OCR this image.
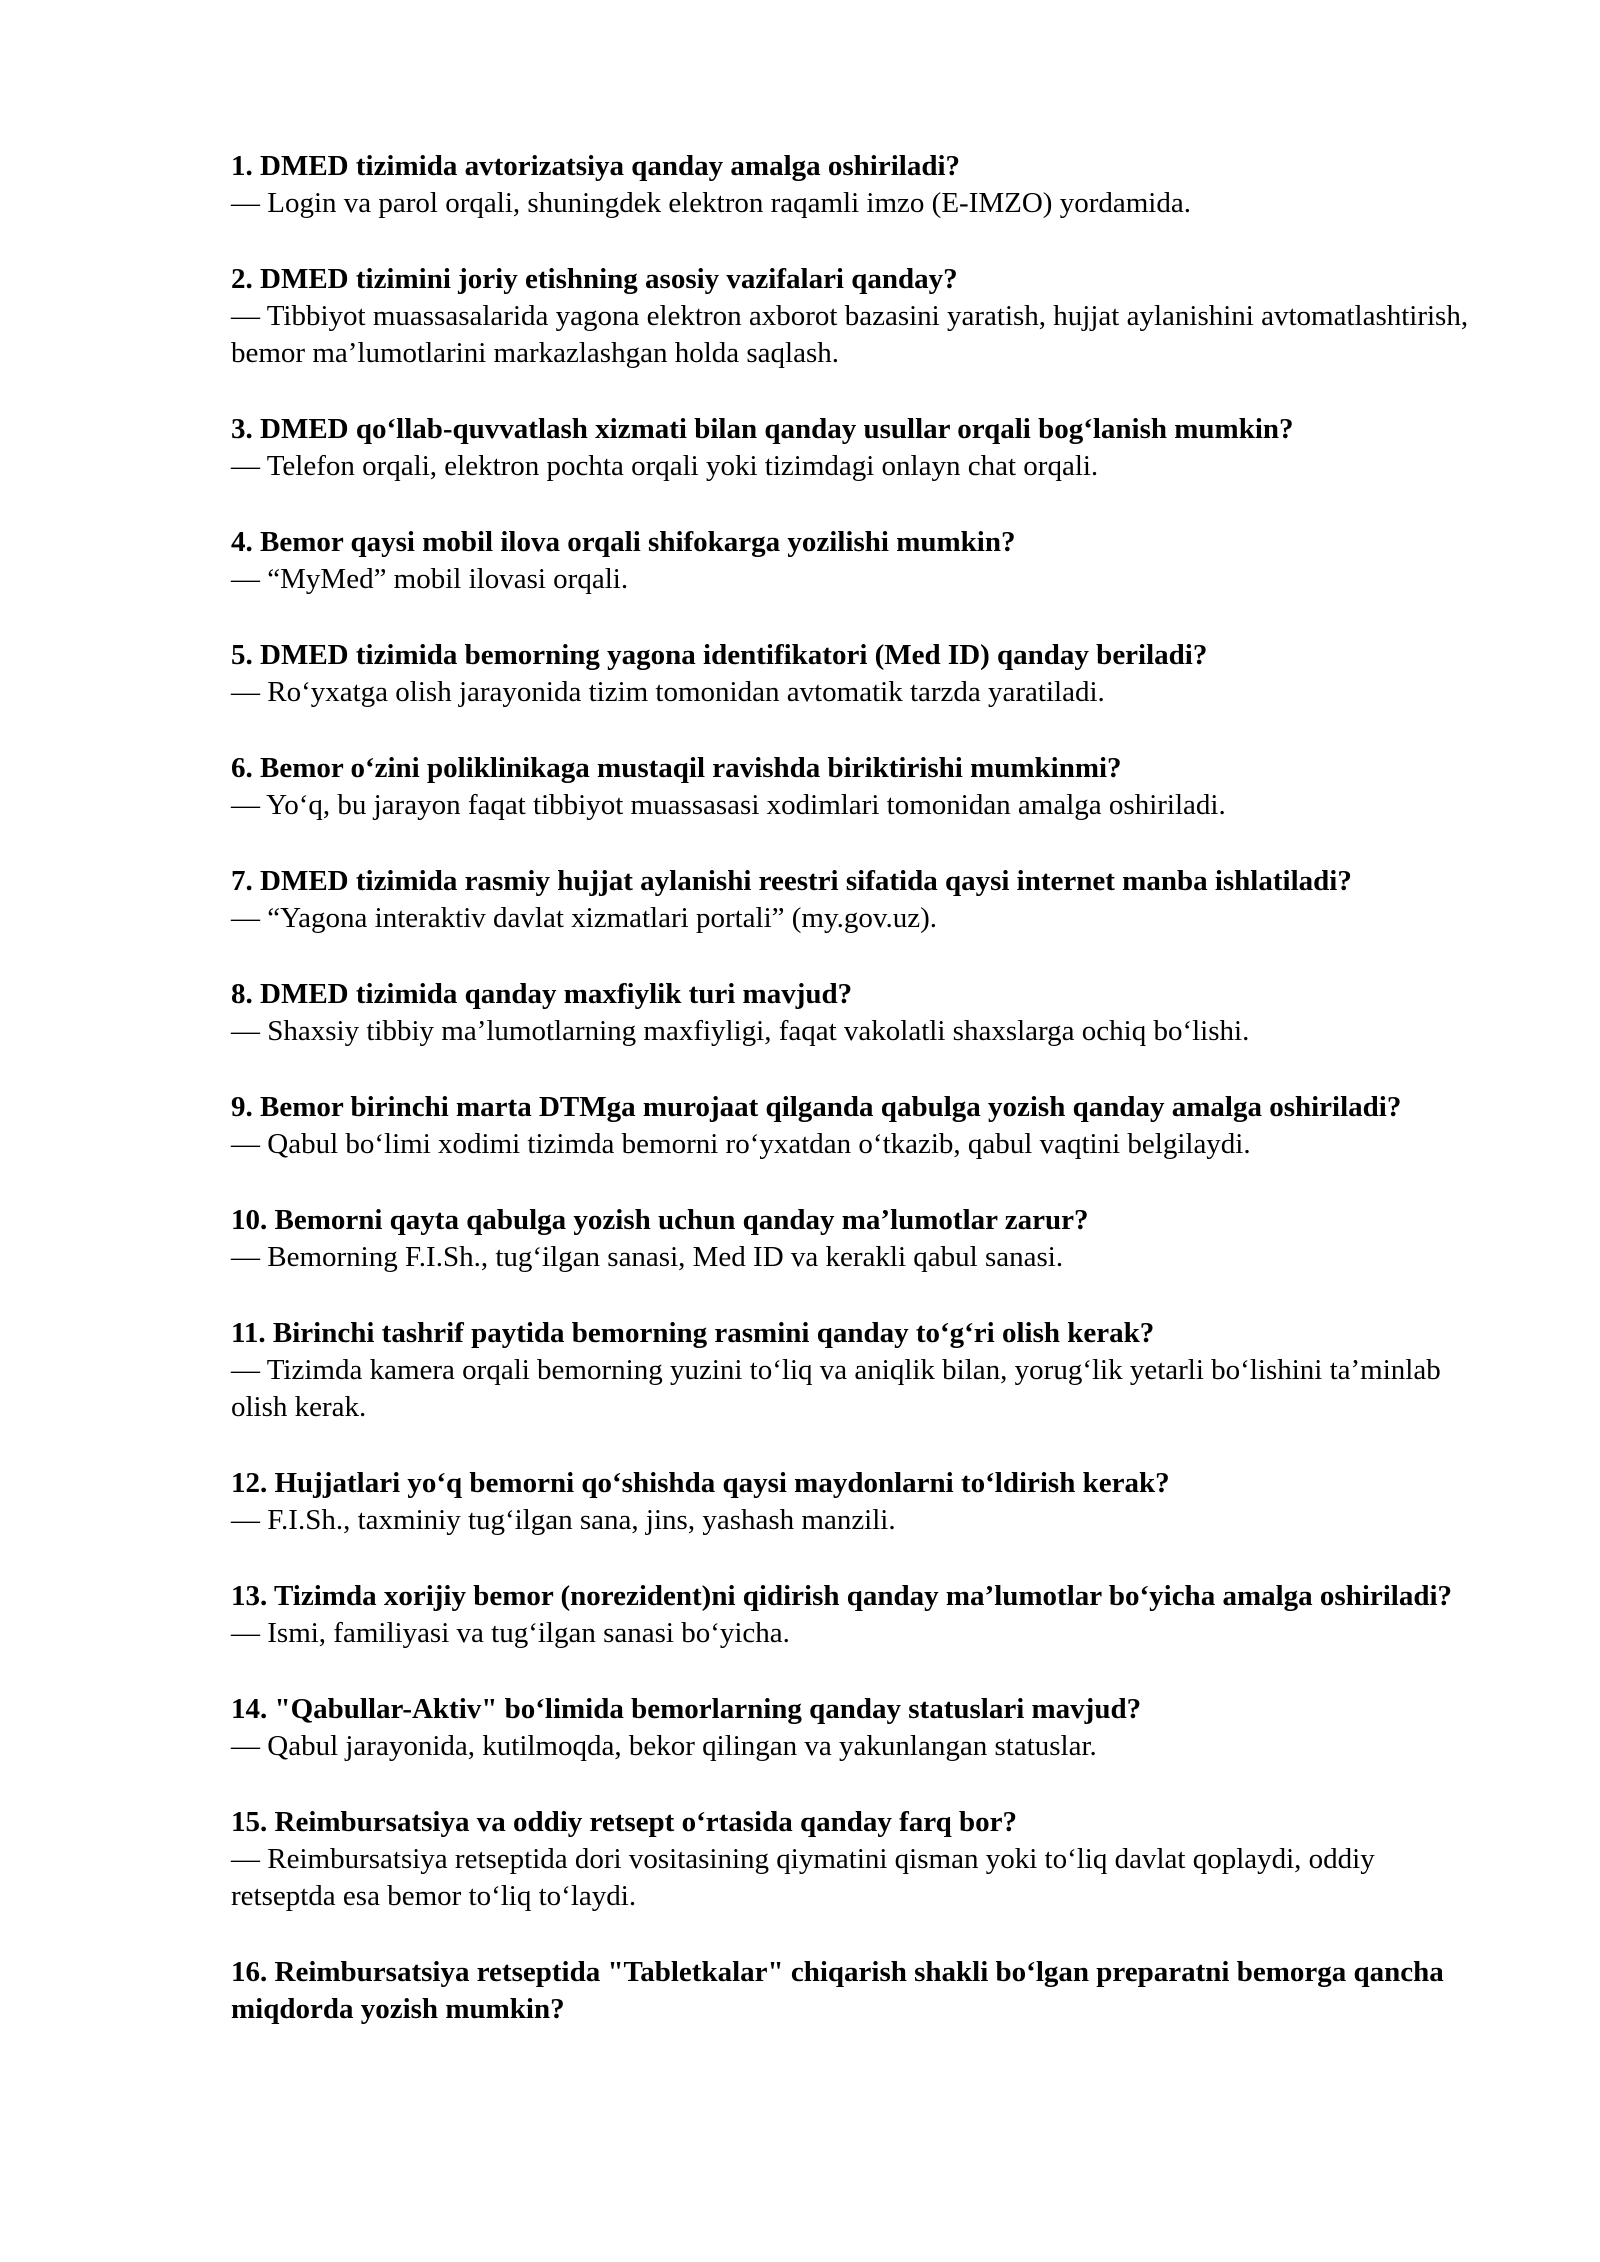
1. DMED tizimida avtorizatsiya qanday amalga oshiriladi?

— Login va parol orqali, shuningdek elektron raqamli imzo (E-IMZO) yordamida.

2. DMED tizimini joriy etishning asosiy vazifalari qanday?

— Tibbiyot muassasalarida yagona elektron axborot bazasini yaratish, hujjat aylanishini avtomatlashtirish, bemor ma’lumotlarini markazlashgan holda saqlash.

3. DMED qo‘llab-quvvatlash xizmati bilan qanday usullar orqali bog‘lanish mumkin?

— Telefon orqali, elektron pochta orqali yoki tizimdagi onlayn chat orqali.

4. Bemor qaysi mobil ilova orqali shifokarga yozilishi mumkin?

— “MyMed” mobil ilovasi orqali.

5. DMED tizimida bemorning yagona identifikatori (Med ID) qanday beriladi?

— Ro‘yxatga olish jarayonida tizim tomonidan avtomatik tarzda yaratiladi.

6. Bemor o‘zini poliklinikaga mustaqil ravishda biriktirishi mumkinmi?

— Yo‘q, bu jarayon faqat tibbiyot muassasasi xodimlari tomonidan amalga oshiriladi.

7. DMED tizimida rasmiy hujjat aylanishi reestri sifatida qaysi internet manba ishlatiladi?

— “Yagona interaktiv davlat xizmatlari portali” (my.gov.uz).

8. DMED tizimida qanday maxfiylik turi mavjud?

— Shaxsiy tibbiy ma’lumotlarning maxfiyligi, faqat vakolatli shaxslarga ochiq bo‘lishi.

9. Bemor birinchi marta DTMga murojaat qilganda qabulga yozish qanday amalga oshiriladi?

— Qabul bo‘limi xodimi tizimda bemorni ro‘yxatdan o‘tkazib, qabul vaqtini belgilaydi.

10. Bemorni qayta qabulga yozish uchun qanday ma’lumotlar zarur?

— Bemorning F.I.Sh., tug‘ilgan sanasi, Med ID va kerakli qabul sanasi.

11. Birinchi tashrif paytida bemorning rasmini qanday to‘g‘ri olish kerak?

— Tizimda kamera orqali bemorning yuzini to‘liq va aniqlik bilan, yorug‘lik yetarli bo‘lishini ta’minlab olish kerak.

12. Hujjatlari yo‘q bemorni qo‘shishda qaysi maydonlarni to‘ldirish kerak?

— F.I.Sh., taxminiy tug‘ilgan sana, jins, yashash manzili.

13. Tizimda xorijiy bemor (norezident)ni qidirish qanday ma’lumotlar bo‘yicha amalga oshiriladi?

— Ismi, familiyasi va tug‘ilgan sanasi bo‘yicha.

14. "Qabullar-Aktiv" bo‘limida bemorlarning qanday statuslari mavjud?

— Qabul jarayonida, kutilmoqda, bekor qilingan va yakunlangan statuslar.

15. Reimbursatsiya va oddiy retsept o‘rtasida qanday farq bor?

— Reimbursatsiya retseptida dori vositasining qiymatini qisman yoki to‘liq davlat qoplaydi, oddiy retseptda esa bemor to‘liq to‘laydi.

16. Reimbursatsiya retseptida "Tabletkalar" chiqarish shakli bo‘lgan preparatni bemorga qancha miqdorda yozish mumkin?
